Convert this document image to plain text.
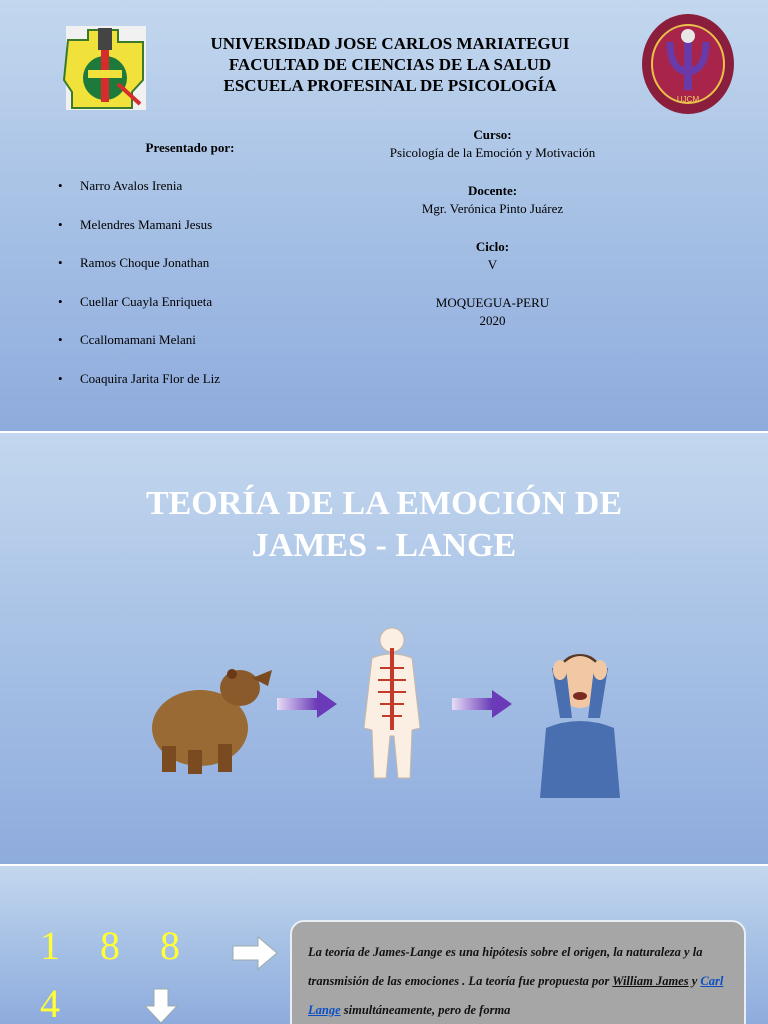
UNIVERSIDAD JOSE CARLOS MARIATEGUI
FACULTAD DE CIENCIAS DE LA SALUD
ESCUELA PROFESINAL DE PSICOLOGÍA
UJCM
Presentado por:
• Narro Avalos Irenia
• Melendres Mamani Jesus
• Ramos Choque Jonathan
• Cuellar Cuayla Enriqueta
• Ccallomamani Melani
• Coaquira Jarita Flor de Liz
Curso:
Psicología de la Emoción y Motivación
Docente:
Mgr. Verónica Pinto Juárez
Ciclo:
V
MOQUEGUA-PERU
2020
TEORÍA DE LA EMOCIÓN DE
JAMES - LANGE
1 8 8
4
La teoría de James-Lange es una hipótesis sobre el origen, la naturaleza y la transmisión de las emociones . La teoría fue propuesta por William James y Carl Lange simultáneamente, pero de forma
